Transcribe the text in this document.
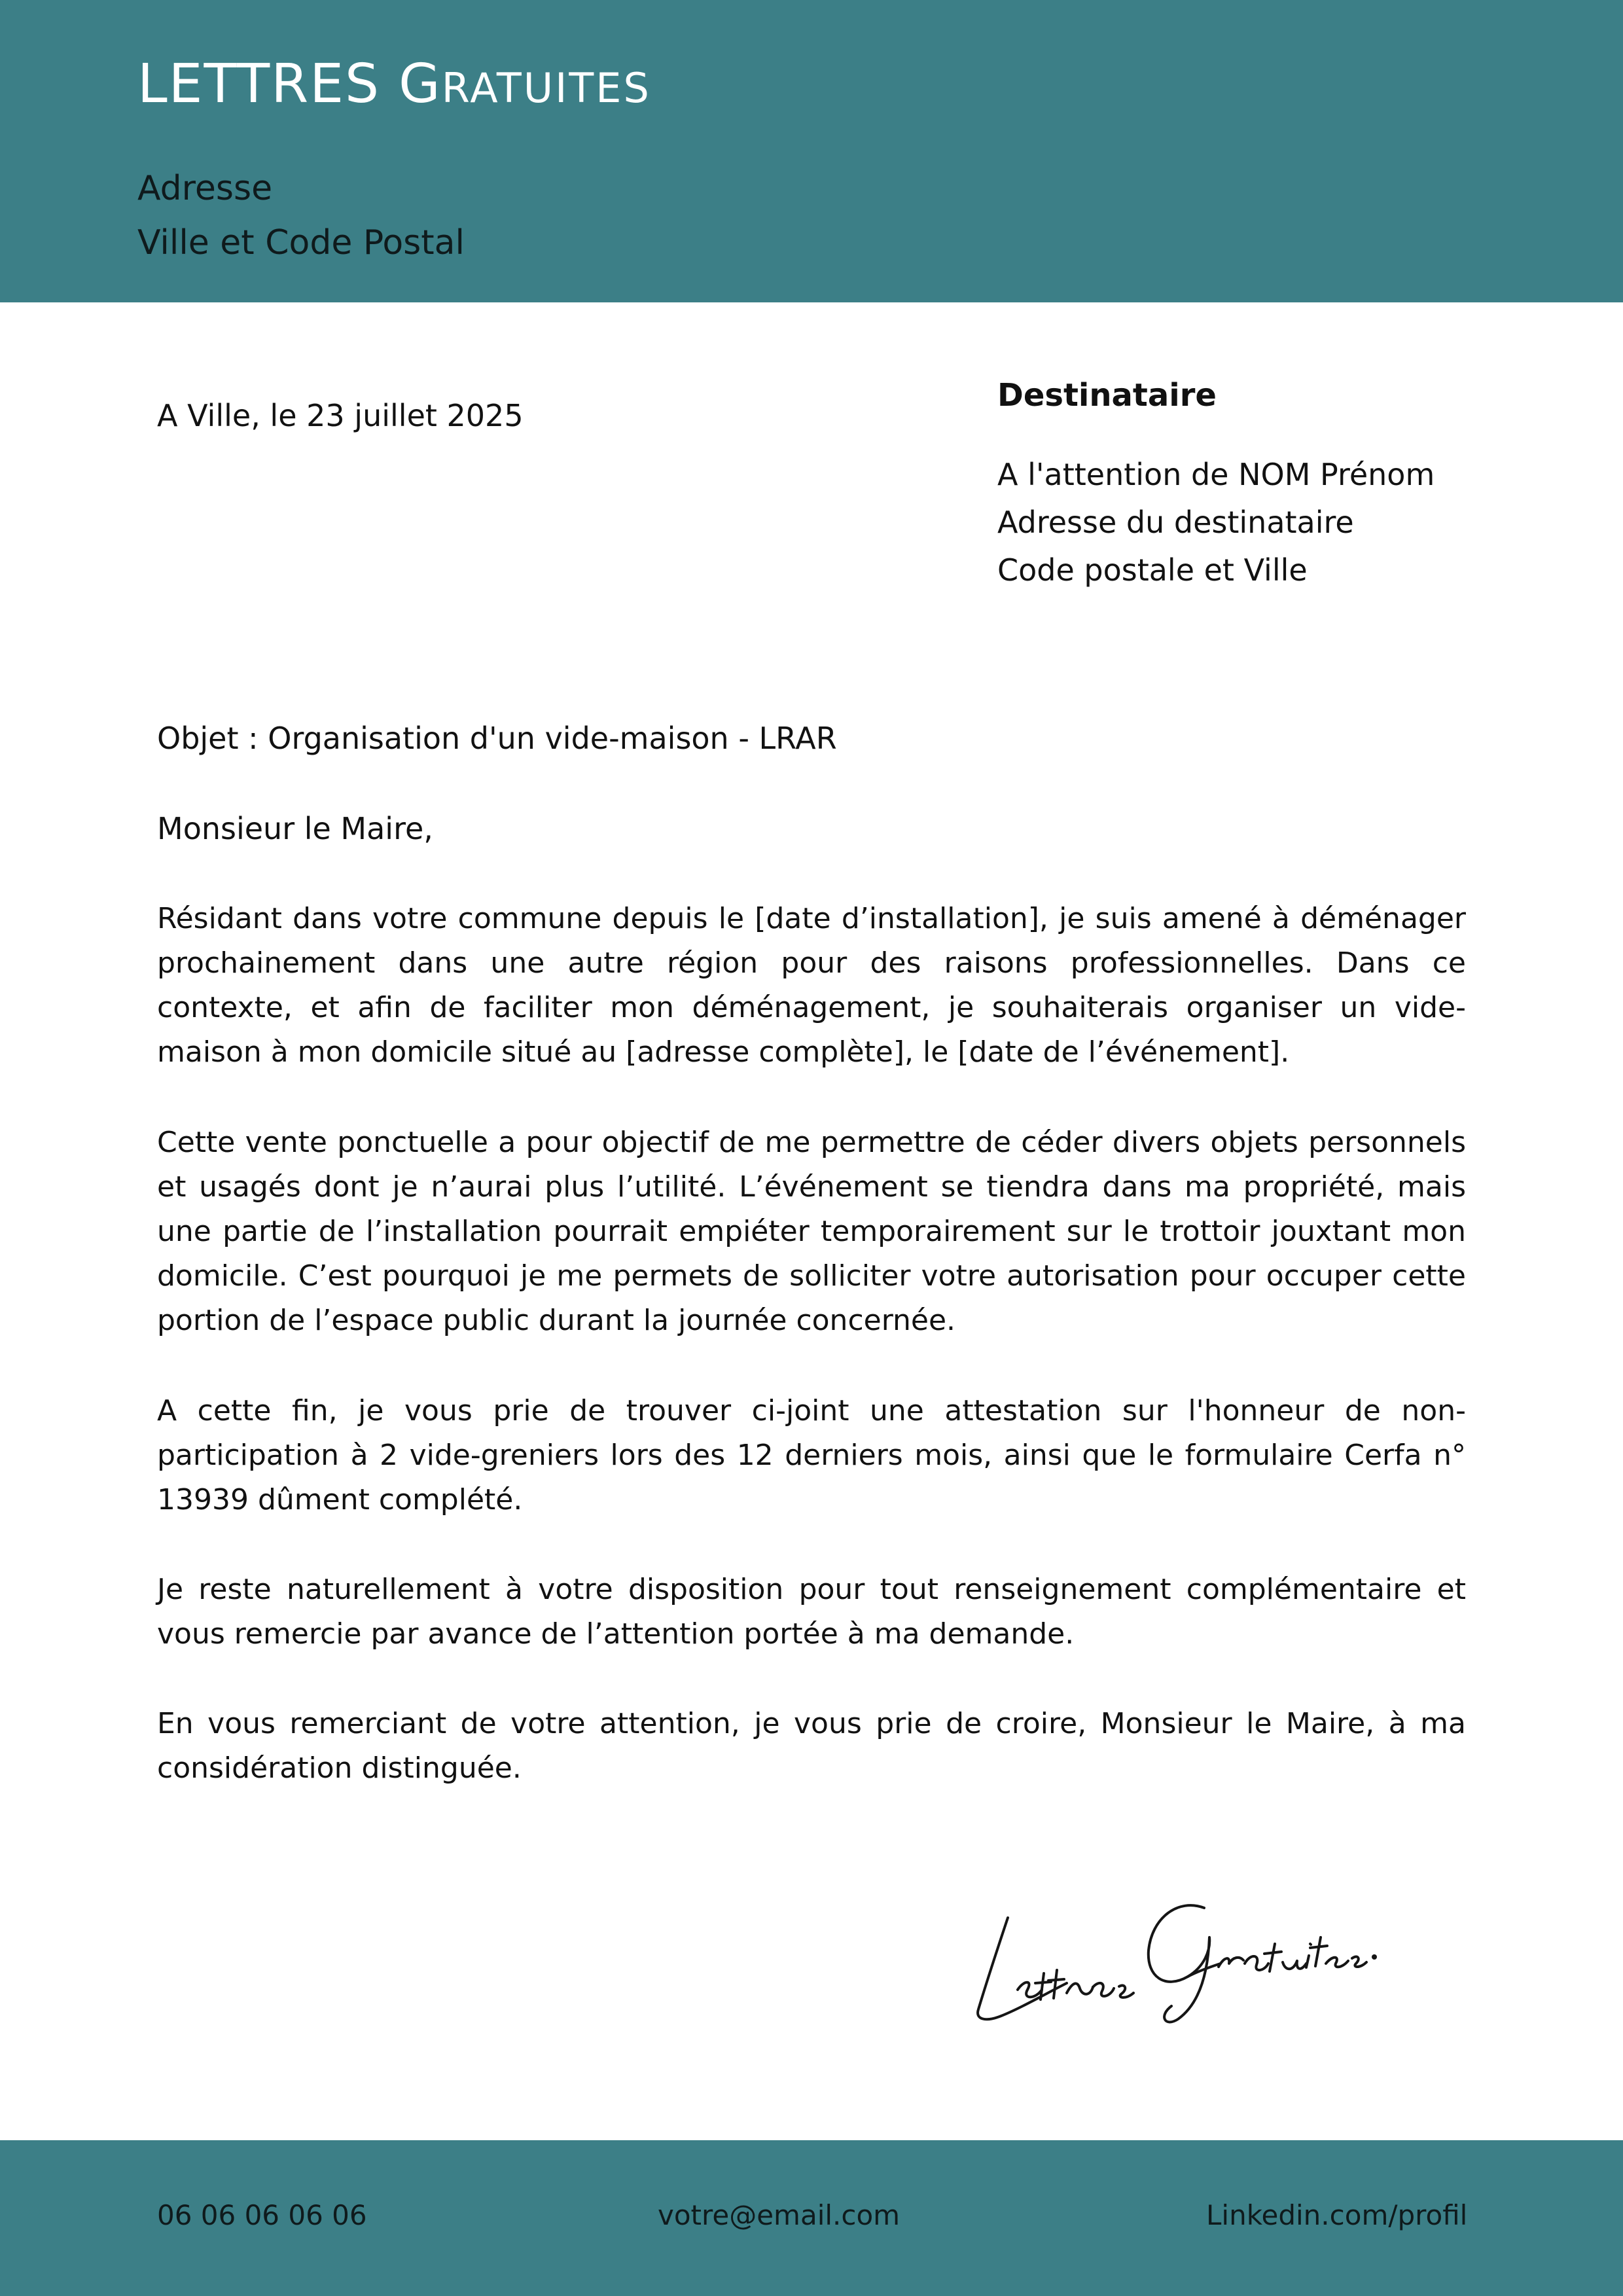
LETTRES GRATUITES
Adresse
Ville et Code Postal
A Ville, le 23 juillet 2025
Destinataire
A l'attention de NOM Prénom
Adresse du destinataire
Code postale et Ville
Objet : Organisation d'un vide-maison - LRAR
Monsieur le Maire,

Résidant dans votre commune depuis le [date d’installation], je suis amené à déménager prochainement dans une autre région pour des raisons professionnelles. Dans ce contexte, et afin de faciliter mon déménagement, je souhaiterais organiser un vide-maison à mon domicile situé au [adresse complète], le [date de l’événement].

Cette vente ponctuelle a pour objectif de me permettre de céder divers objets personnels et usagés dont je n’aurai plus l’utilité. L’événement se tiendra dans ma propriété, mais une partie de l’installation pourrait empiéter temporairement sur le trottoir jouxtant mon domicile. C’est pourquoi je me permets de solliciter votre autorisation pour occuper cette portion de l’espace public durant la journée concernée.

A cette fin, je vous prie de trouver ci-joint une attestation sur l'honneur de non-participation à 2 vide-greniers lors des 12 derniers mois, ainsi que le formulaire Cerfa n° 13939 dûment complété.

Je reste naturellement à votre disposition pour tout renseignement complémentaire et vous remercie par avance de l’attention portée à ma demande.

En vous remerciant de votre attention, je vous prie de croire, Monsieur le Maire, à ma considération distinguée.

06 06 06 06 06	votre@email.com	Linkedin.com/profil
